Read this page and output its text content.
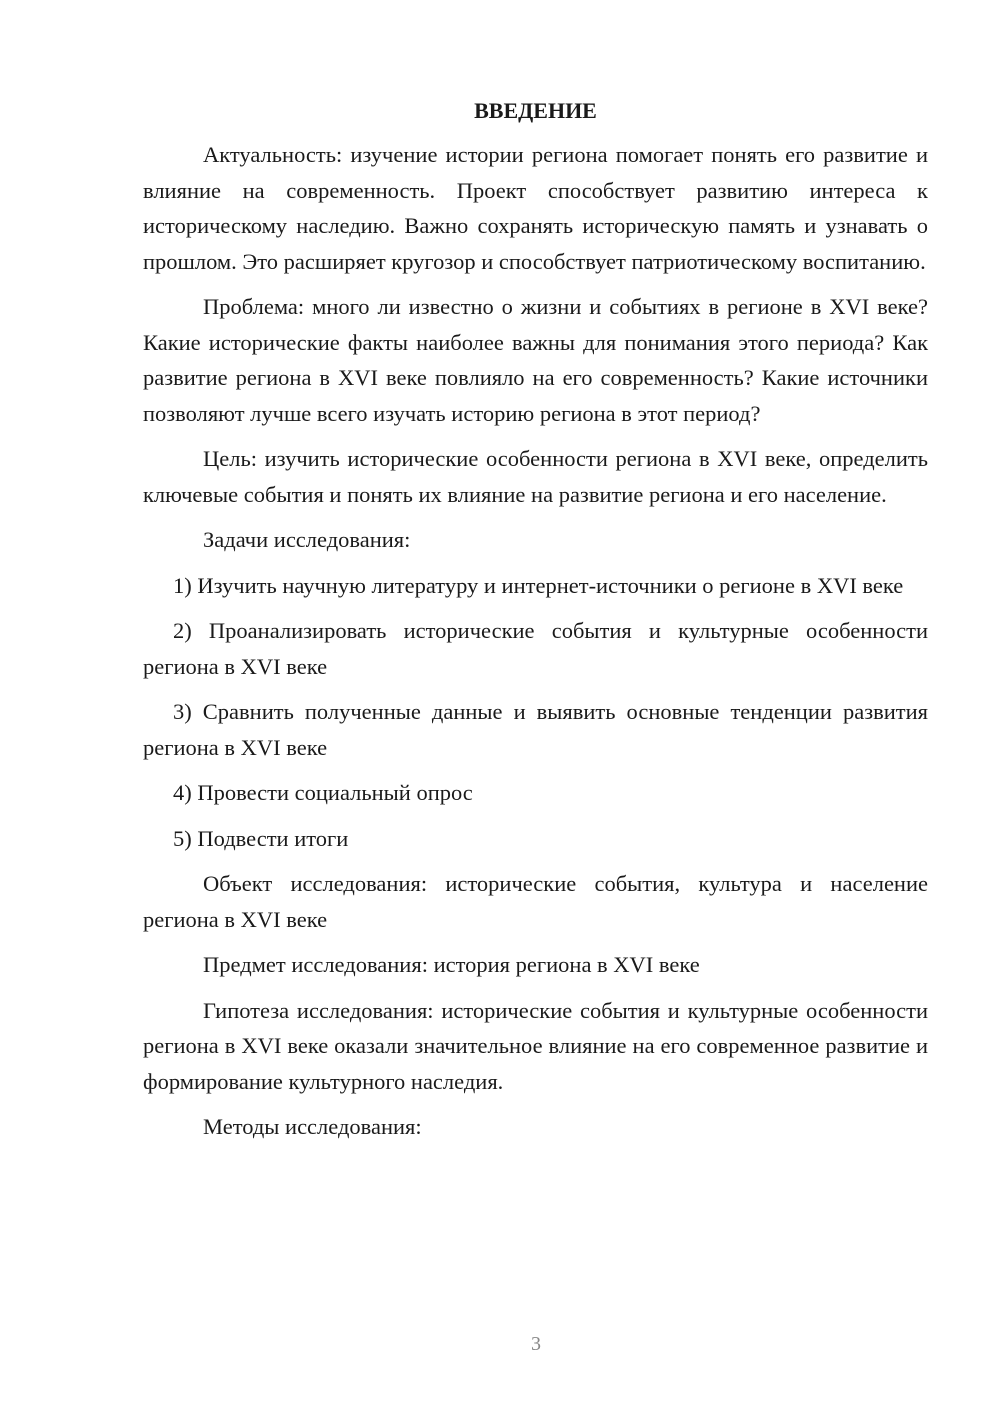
ВВЕДЕНИЕ

Актуальность: изучение истории региона помогает понять его развитие и влияние на современность. Проект способствует развитию интереса к историческому наследию. Важно сохранять историческую память и узнавать о прошлом. Это расширяет кругозор и способствует патриотическому воспитанию.

Проблема: много ли известно о жизни и событиях в регионе в XVI веке? Какие исторические факты наиболее важны для понимания этого периода? Как развитие региона в XVI веке повлияло на его современность? Какие источники позволяют лучше всего изучать историю региона в этот период?

Цель: изучить исторические особенности региона в XVI веке, определить ключевые события и понять их влияние на развитие региона и его население.

Задачи исследования:

1) Изучить научную литературу и интернет-источники о регионе в XVI веке

2) Проанализировать исторические события и культурные особенности региона в XVI веке

3) Сравнить полученные данные и выявить основные тенденции развития региона в XVI веке

4) Провести социальный опрос

5) Подвести итоги

Объект исследования: исторические события, культура и население региона в XVI веке

Предмет исследования: история региона в XVI веке

Гипотеза исследования: исторические события и культурные особенности региона в XVI веке оказали значительное влияние на его современное развитие и формирование культурного наследия.

Методы исследования:

3
